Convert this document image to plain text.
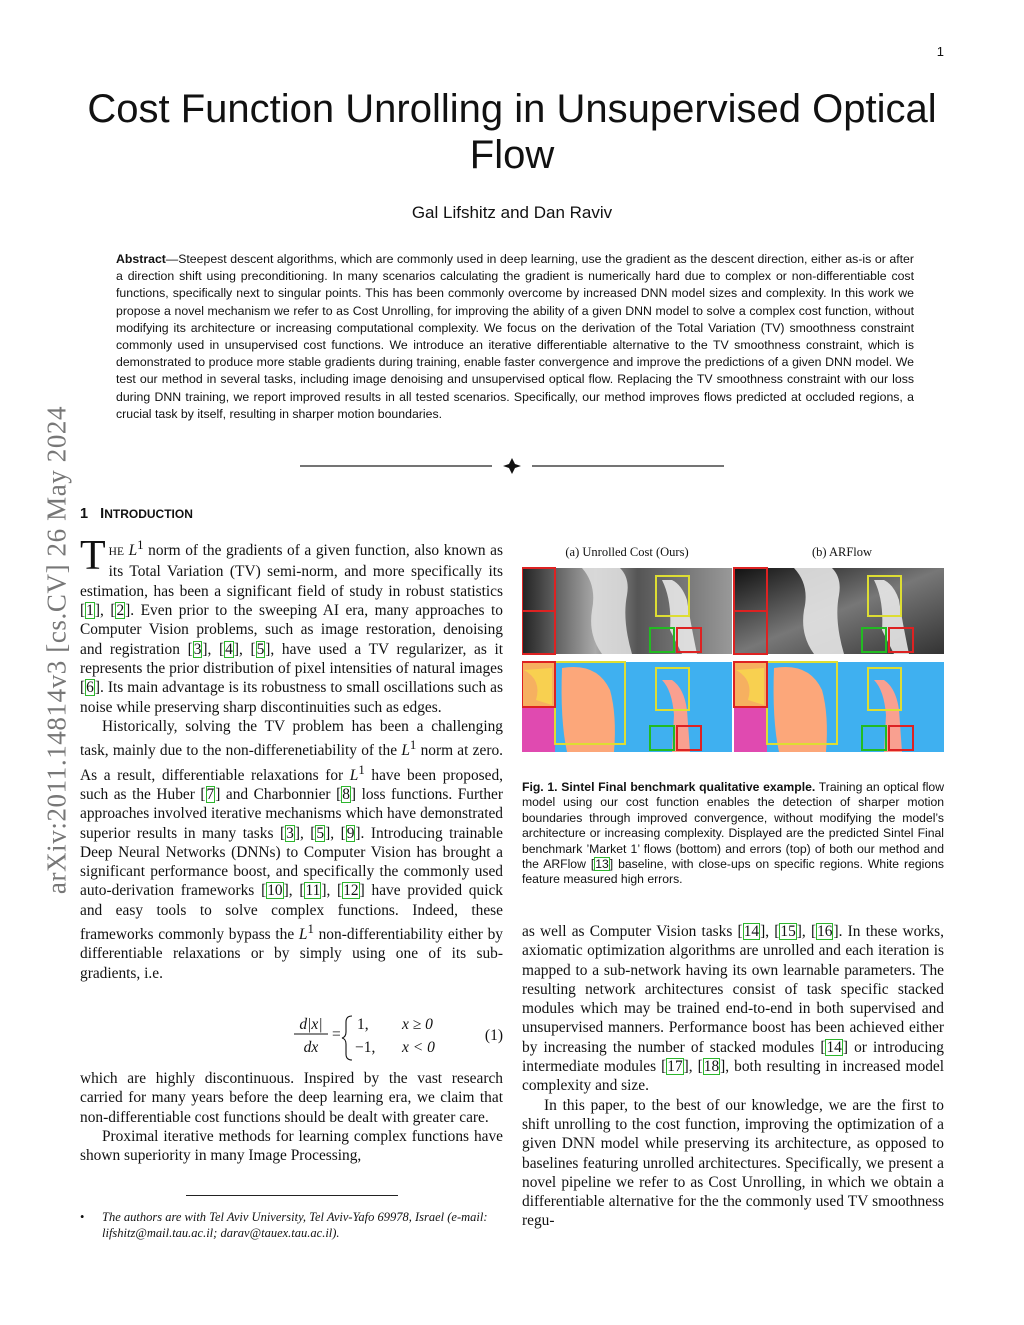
1
arXiv:2011.14814v3 [cs.CV] 26 May 2024
Cost Function Unrolling in Unsupervised Optical Flow
Gal Lifshitz and Dan Raviv
Abstract—Steepest descent algorithms, which are commonly used in deep learning, use the gradient as the descent direction, either as-is or after a direction shift using preconditioning. In many scenarios calculating the gradient is numerically hard due to complex or non-differentiable cost functions, specifically next to singular points. This has been commonly overcome by increased DNN model sizes and complexity. In this work we propose a novel mechanism we refer to as Cost Unrolling, for improving the ability of a given DNN model to solve a complex cost function, without modifying its architecture or increasing computational complexity. We focus on the derivation of the Total Variation (TV) smoothness constraint commonly used in unsupervised cost functions. We introduce an iterative differentiable alternative to the TV smoothness constraint, which is demonstrated to produce more stable gradients during training, enable faster convergence and improve the predictions of a given DNN model. We test our method in several tasks, including image denoising and unsupervised optical flow. Replacing the TV smoothness constraint with our loss during DNN training, we report improved results in all tested scenarios. Specifically, our method improves flows predicted at occluded regions, a crucial task by itself, resulting in sharper motion boundaries.
1 INTRODUCTION

THE $L^1$ norm of the gradients of a given function, also known as its Total Variation (TV) semi-norm, and more specifically its estimation, has been a significant field of study in robust statistics [1], [2]. Even prior to the sweeping AI era, many approaches to Computer Vision problems, such as image restoration, denoising and registration [3], [4], [5], have used a TV regularizer, as it represents the prior distribution of pixel intensities of natural images [6]. Its main advantage is its robustness to small oscillations such as noise while preserving sharp discontinuities such as edges.

Historically, solving the TV problem has been a challenging task, mainly due to the non-differenetiability of the $L^1$ norm at zero. As a result, differentiable relaxations for $L^1$ have been proposed, such as the Huber [7] and Charbonnier [8] loss functions. Further approaches involved iterative mechanisms which have demonstrated superior results in many tasks [3], [5], [9]. Introducing trainable Deep Neural Networks (DNNs) to Computer Vision has brought a significant performance boost, and specifically the commonly used auto-derivation frameworks [10], [11], [12] have provided quick and easy tools to solve complex functions. Indeed, these frameworks commonly bypass the $L^1$ non-differentiability either by differentiable relaxations or by simply using one of its sub-gradients, i.e.

d|x|
dx
=
1, x ≥ 0
−1, x < 0
(1)

which are highly discontinuous. Inspired by the vast research carried for many years before the deep learning era, we claim that non-differentiable cost functions should be dealt with greater care.

Proximal iterative methods for learning complex functions have shown superiority in many Image Processing,

• The authors are with Tel Aviv University, Tel Aviv-Yafo 69978, Israel (e-mail: lifshitz@mail.tau.ac.il; darav@tauex.tau.ac.il).
(a) Unrolled Cost (Ours)	(b) ARFlow
Fig. 1. Sintel Final benchmark qualitative example. Training an optical flow model using our cost function enables the detection of sharper motion boundaries through improved convergence, without modifying the model’s architecture or increasing complexity. Displayed are the predicted Sintel Final benchmark ’Market 1’ flows (bottom) and errors (top) of both our method and the ARFlow [13] baseline, with close-ups on specific regions. White regions feature measured high errors.

as well as Computer Vision tasks [14], [15], [16]. In these works, axiomatic optimization algorithms are unrolled and each iteration is mapped to a sub-network having its own learnable parameters. The resulting network architectures consist of task specific stacked modules which may be trained end-to-end in both supervised and unsupervised manners. Performance boost has been achieved either by increasing the number of stacked modules [14] or introducing intermediate modules [17], [18], both resulting in increased model complexity and size.

In this paper, to the best of our knowledge, we are the first to shift unrolling to the cost function, improving the optimization of a given DNN model while preserving its architecture, as opposed to baselines featuring unrolled architectures. Specifically, we present a novel pipeline we refer to as Cost Unrolling, in which we obtain a differentiable alternative for the the commonly used TV smoothness regu-
